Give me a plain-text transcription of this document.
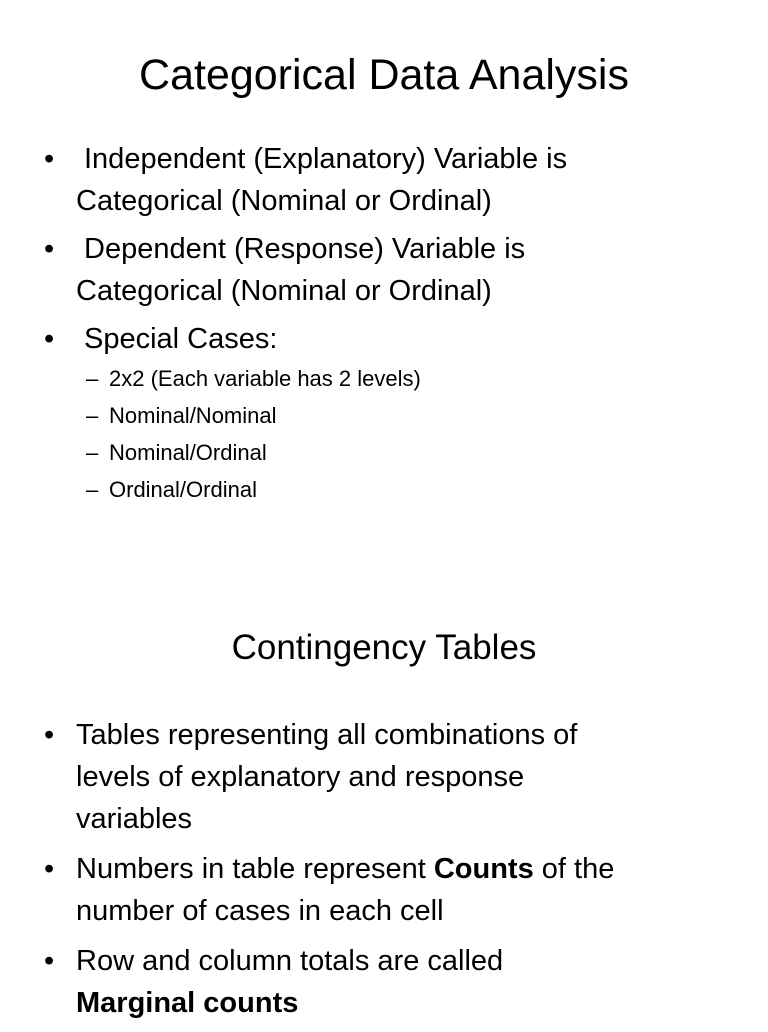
Categorical Data Analysis
• Independent (Explanatory) Variable is
Categorical (Nominal or Ordinal)
• Dependent (Response) Variable is
Categorical (Nominal or Ordinal)
• Special Cases:
– 2x2 (Each variable has 2 levels)
– Nominal/Nominal
– Nominal/Ordinal
– Ordinal/Ordinal
Contingency Tables
• Tables representing all combinations of
levels of explanatory and response
variables
• Numbers in table represent Counts of the
number of cases in each cell
• Row and column totals are called
Marginal counts
